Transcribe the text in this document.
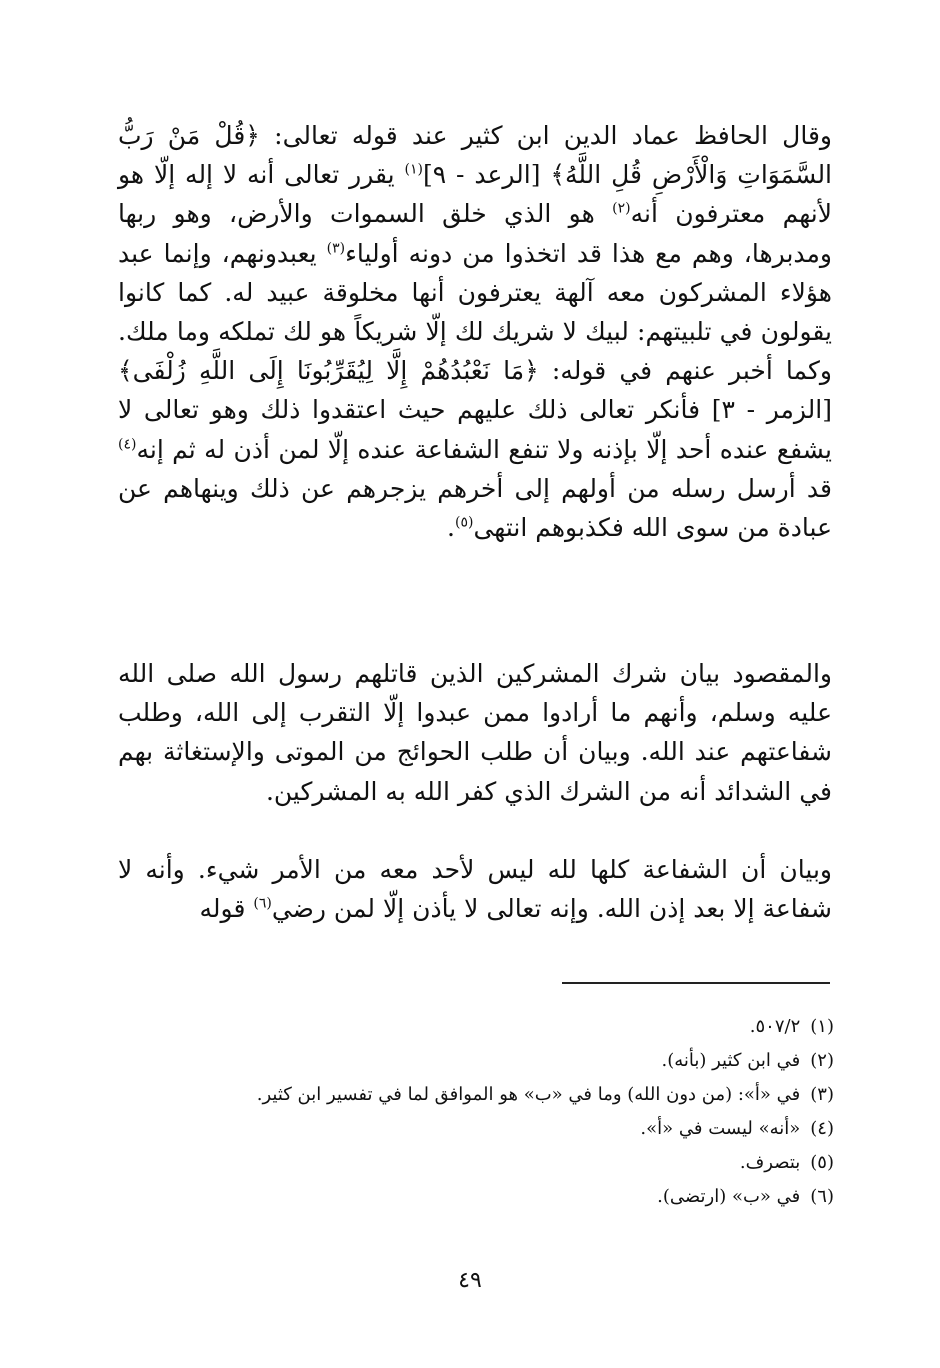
وقال الحافظ عماد الدين ابن كثير عند قوله تعالى: ﴿قُلْ مَنْ رَبُّ السَّمَوَاتِ وَالْأَرْضِ قُلِ اللَّهُ﴾ [الرعد - ٩]$^{(١)}$ يقرر تعالى أنه لا إله إلّا هو لأنهم معترفون أنه$^{(٢)}$ هو الذي خلق السموات والأرض، وهو ربها ومدبرها، وهم مع هذا قد اتخذوا من دونه أولياء$^{(٣)}$ يعبدونهم، وإنما عبد هؤلاء المشركون معه آلهة يعترفون أنها مخلوقة عبيد له. كما كانوا يقولون في تلبيتهم: لبيك لا شريك لك إلّا شريكاً هو لك تملكه وما ملك. وكما أخبر عنهم في قوله: ﴿مَا نَعْبُدُهُمْ إِلَّا لِيُقَرِّبُونَا إِلَى اللَّهِ زُلْفَى﴾ [الزمر - ٣] فأنكر تعالى ذلك عليهم حيث اعتقدوا ذلك وهو تعالى لا يشفع عنده أحد إلّا بإذنه ولا تنفع الشفاعة عنده إلّا لمن أذن له ثم إنه$^{(٤)}$ قد أرسل رسله من أولهم إلى أخرهم يزجرهم عن ذلك وينهاهم عن عبادة من سوى الله فكذبوهم انتهى$^{(٥)}$.
والمقصود بيان شرك المشركين الذين قاتلهم رسول الله صلى الله عليه وسلم، وأنهم ما أرادوا ممن عبدوا إلّا التقرب إلى الله، وطلب شفاعتهم عند الله. وبيان أن طلب الحوائج من الموتى والإستغاثة بهم في الشدائد أنه من الشرك الذي كفر الله به المشركين.
وبيان أن الشفاعة كلها لله ليس لأحد معه من الأمر شيء. وأنه لا شفاعة إلا بعد إذن الله. وإنه تعالى لا يأذن إلّا لمن رضي$^{(٦)}$ قوله
(١)٥٠٧/٢.
(٢)في ابن كثير (بأنه).
(٣)في «أ»: (من دون الله) وما في «ب» هو الموافق لما في تفسير ابن كثير.
(٤)«أنه» ليست في «أ».
(٥)بتصرف.
(٦)في «ب» (ارتضى).
٤٩
